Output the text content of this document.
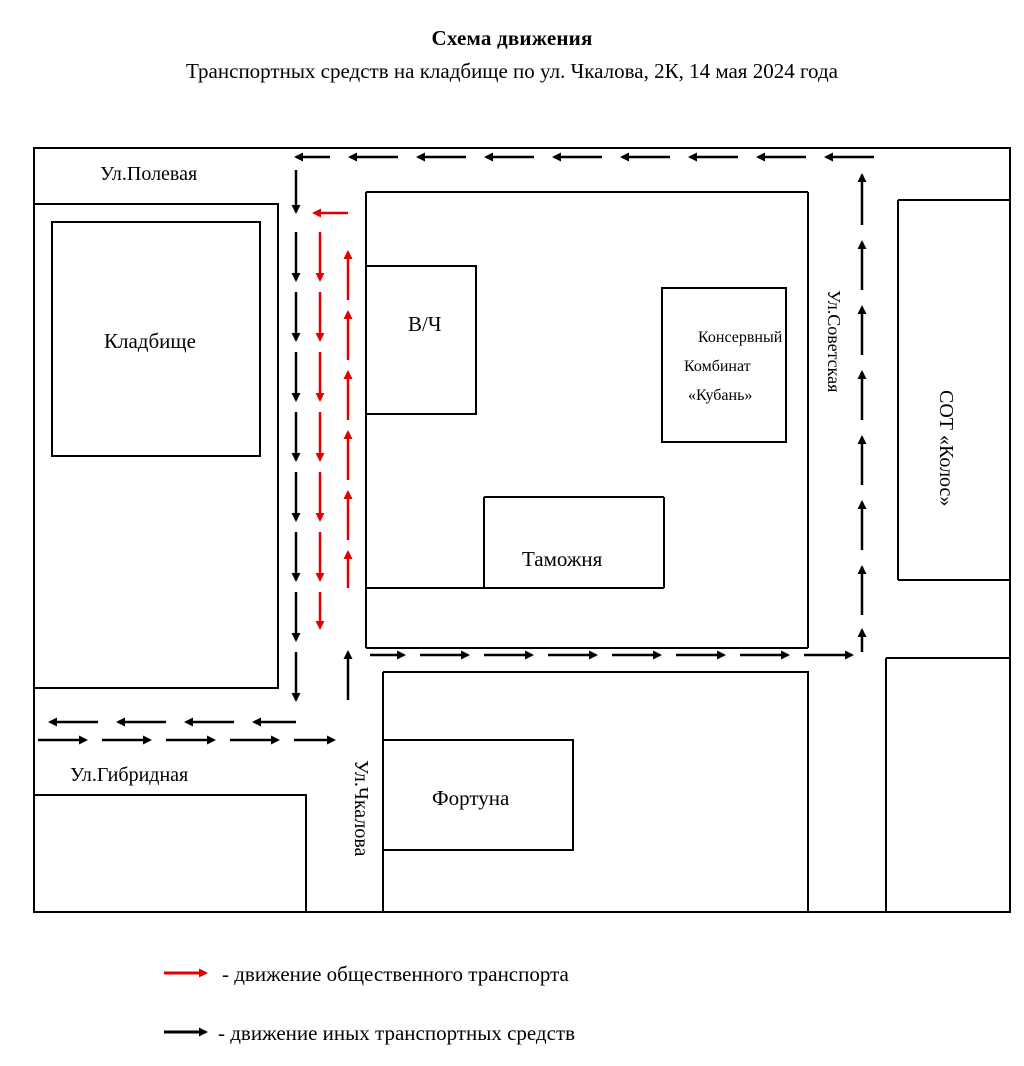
Схема движения
Транспортных средств на кладбище по ул. Чкалова, 2К, 14 мая 2024 года
Ул.Полевая
Ул.Гибридная	Ул.Чкалова
Ул.Советская
СОТ «Колос»
Кладбище
В/Ч
Таможня
Фортуна
Консервный
Комбинат
«Кубань»
- движение общественного транспорта
- движение иных транспортных средств
